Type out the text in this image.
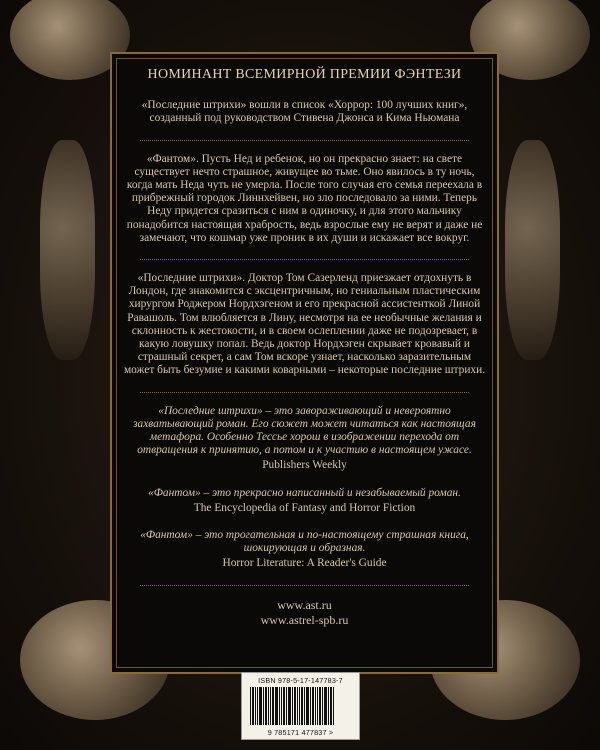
НОМИНАНТ ВСЕМИРНОЙ ПРЕМИИ ФЭНТЕЗИ
«Последние штрихи» вошли в список «Хоррор: 100 лучших книг», созданный под руководством Стивена Джонса и Кима Ньюмана
«Фантом». Пусть Нед и ребенок, но он прекрасно знает: на свете существует нечто страшное, живущее во тьме. Оно явилось в ту ночь, когда мать Неда чуть не умерла. После того случая его семья переехала в прибрежный городок Линнхейвен, но зло последовало за ними. Теперь Неду придется сразиться с ним в одиночку, и для этого мальчику понадобится настоящая храбрость, ведь взрослые ему не верят и даже не замечают, что кошмар уже проник в их души и искажает все вокруг.
«Последние штрихи». Доктор Том Сазерленд приезжает отдохнуть в Лондон, где знакомится с эксцентричным, но гениальным пластическим хирургом Роджером Нордхэгеном и его прекрасной ассистенткой Линой Равашоль. Том влюбляется в Лину, несмотря на ее необычные желания и склонность к жестокости, и в своем ослеплении даже не подозревает, в какую ловушку попал. Ведь доктор Нордхэген скрывает кровавый и страшный секрет, а сам Том вскоре узнает, насколько заразительным может быть безумие и какими коварными – некоторые последние штрихи.
«Последние штрихи» – это завораживающий и невероятно захватывающий роман. Его сюжет может читаться как настоящая метафора. Особенно Тессье хорош в изображении перехода от отвращения к принятию, а потом и к участию в настоящем ужасе.
Publishers Weekly
«Фантом» – это прекрасно написанный и незабываемый роман.
The Encyclopedia of Fantasy and Horror Fiction
«Фантом» – это трогательная и по-настоящему страшная книга, шокирующая и образная.
Horror Literature: A Reader's Guide
www.ast.ru
www.astrel-spb.ru
ISBN 978-5-17-147783-7
9 785171 477837 >
